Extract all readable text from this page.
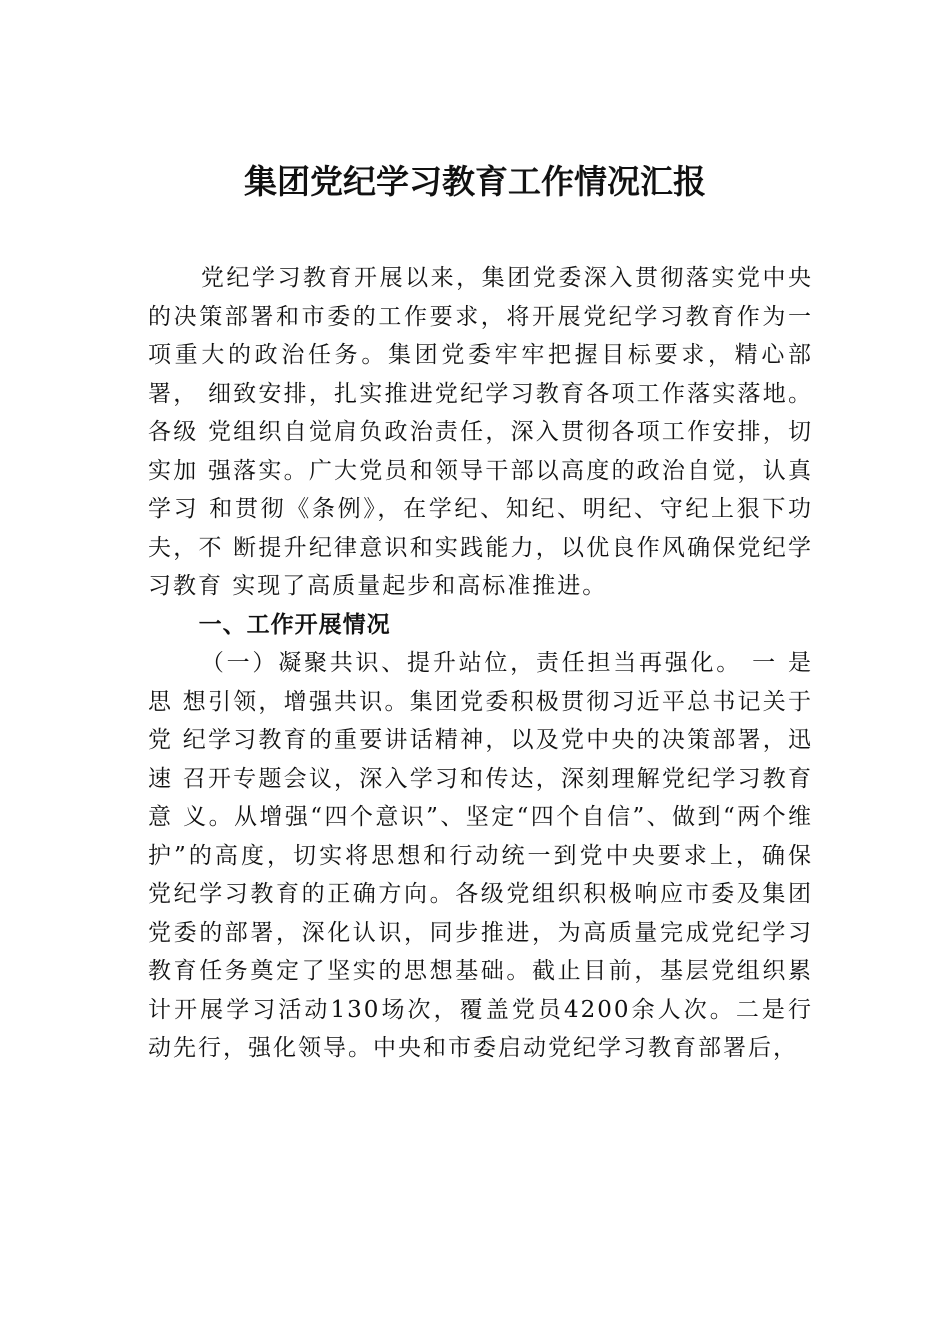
集团党纪学习教育工作情况汇报

党纪学习教育开展以来，集团党委深入贯彻落实党中央的决策部署和市委的工作要求，将开展党纪学习教育作为一项重大的政治任务。集团党委牢牢把握目标要求，精心部署， 细致安排，扎实推进党纪学习教育各项工作落实落地。各级 党组织自觉肩负政治责任，深入贯彻各项工作安排，切实加 强落实。广大党员和领导干部以高度的政治自觉，认真学习 和贯彻《条例》，在学纪、知纪、明纪、守纪上狠下功夫，不 断提升纪律意识和实践能力，以优良作风确保党纪学习教育 实现了高质量起步和高标准推进。

一、工作开展情况

（一）凝聚共识、提升站位，责任担当再强化。 一 是思 想引领，增强共识。集团党委积极贯彻习近平总书记关于党 纪学习教育的重要讲话精神，以及党中央的决策部署，迅速 召开专题会议，深入学习和传达，深刻理解党纪学习教育意 义。从增强“四个意识”、坚定“四个自信”、做到“两个维 护”的高度，切实将思想和行动统一到党中央要求上，确保 党纪学习教育的正确方向。各级党组织积极响应市委及集团 党委的部署，深化认识，同步推进，为高质量完成党纪学习 教育任务奠定了坚实的思想基础。截止目前，基层党组织累 计开展学习活动130场次，覆盖党员4200余人次。二是行 动先行，强化领导。中央和市委启动党纪学习教育部署后，
